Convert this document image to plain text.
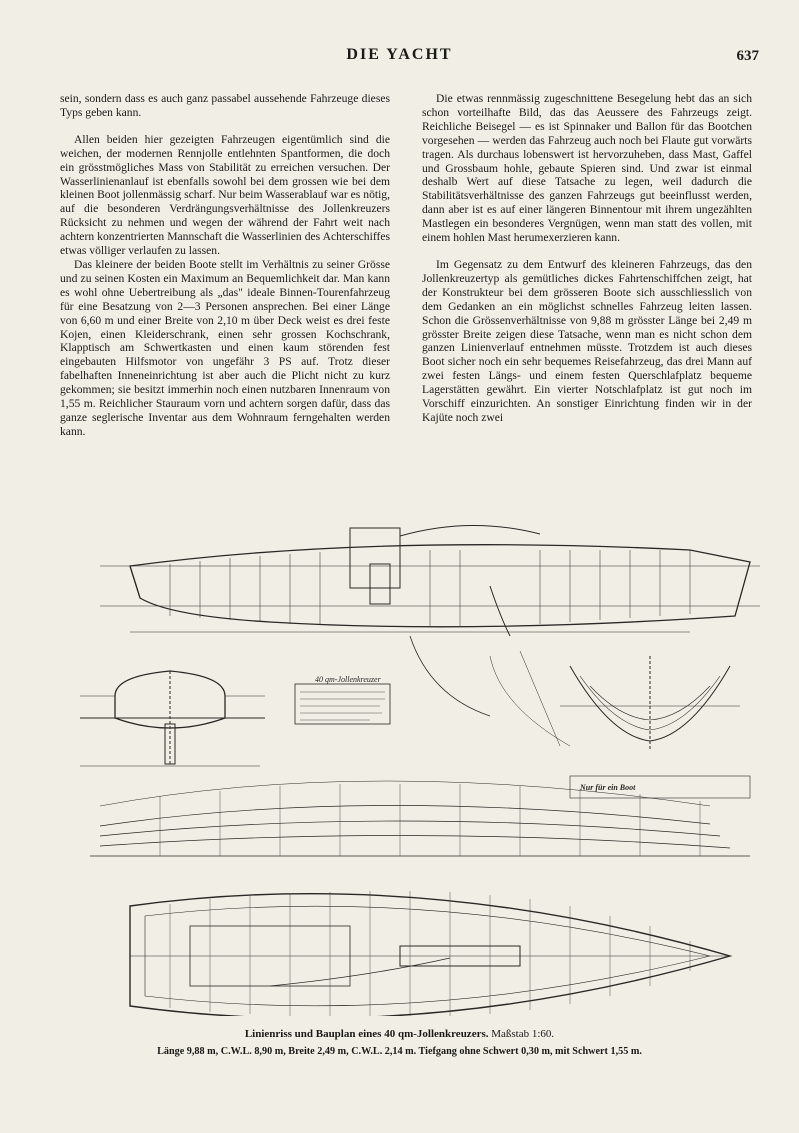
DIE YACHT	637

sein, sondern dass es auch ganz passabel aussehende Fahrzeuge dieses Typs geben kann.

Allen beiden hier gezeigten Fahrzeugen eigentümlich sind die weichen, der modernen Rennjolle entlehnten Spantformen, die doch ein grösstmögliches Mass von Stabilität zu erreichen versuchen. Der Wasserlinienanlauf ist ebenfalls sowohl bei dem grossen wie bei dem kleinen Boot jollenmässig scharf. Nur beim Wasserablauf war es nötig, auf die besonderen Verdrängungsverhältnisse des Jollenkreuzers Rücksicht zu nehmen und wegen der während der Fahrt weit nach achtern konzentrierten Mannschaft die Wasserlinien des Achterschiffes etwas völliger verlaufen zu lassen.

Das kleinere der beiden Boote stellt im Verhältnis zu seiner Grösse und zu seinen Kosten ein Maximum an Bequemlichkeit dar. Man kann es wohl ohne Uebertreibung als „das" ideale Binnen-Tourenfahrzeug für eine Besatzung von 2—3 Personen ansprechen. Bei einer Länge von 6,60 m und einer Breite von 2,10 m über Deck weist es drei feste Kojen, einen Kleiderschrank, einen sehr grossen Kochschrank, Klapptisch am Schwertkasten und einen kaum störenden fest eingebauten Hilfsmotor von ungefähr 3 PS auf. Trotz dieser fabelhaften Inneneinrichtung ist aber auch die Plicht nicht zu kurz gekommen; sie besitzt immerhin noch einen nutzbaren Innenraum von 1,55 m. Reichlicher Stauraum vorn und achtern sorgen dafür, dass das ganze seglerische Inventar aus dem Wohnraum ferngehalten werden kann.

Die etwas rennmässig zugeschnittene Besegelung hebt das an sich schon vorteilhafte Bild, das das Aeussere des Fahrzeugs zeigt. Reichliche Beisegel — es ist Spinnaker und Ballon für das Bootchen vorgesehen — werden das Fahrzeug auch noch bei Flaute gut vorwärts tragen. Als durchaus lobenswert ist hervorzuheben, dass Mast, Gaffel und Grossbaum hohle, gebaute Spieren sind. Und zwar ist einmal deshalb Wert auf diese Tatsache zu legen, weil dadurch die Stabilitätsverhältnisse des ganzen Fahrzeugs gut beeinflusst werden, dann aber ist es auf einer längeren Binnentour mit ihrem ungezählten Mastlegen ein besonderes Vergnügen, wenn man statt des vollen, mit einem hohlen Mast herumexerzieren kann.

Im Gegensatz zu dem Entwurf des kleineren Fahrzeugs, das den Jollenkreuzertyp als gemütliches dickes Fahrtenschiffchen zeigt, hat der Konstrukteur bei dem grösseren Boote sich ausschliesslich von dem Gedanken an ein möglichst schnelles Fahrzeug leiten lassen. Schon die Grössenverhältnisse von 9,88 m grösster Länge bei 2,49 m grösster Breite zeigen diese Tatsache, wenn man es nicht schon dem ganzen Linienverlauf entnehmen müsste. Trotzdem ist auch dieses Boot sicher noch ein sehr bequemes Reisefahrzeug, das drei Mann auf zwei festen Längs- und einem festen Querschlafplatz bequeme Lagerstätten gewährt. Ein vierter Notschlafplatz ist gut noch im Vorschiff einzurichten. An sonstiger Einrichtung finden wir in der Kajüte noch zwei

40 qm-Jollenkreuzer
Nur für ein Boot
Linienriss und Bauplan eines 40 qm-Jollenkreuzers. Maßstab 1:60.
Länge 9,88 m, C.W.L. 8,90 m, Breite 2,49 m, C.W.L. 2,14 m. Tiefgang ohne Schwert 0,30 m, mit Schwert 1,55 m.
